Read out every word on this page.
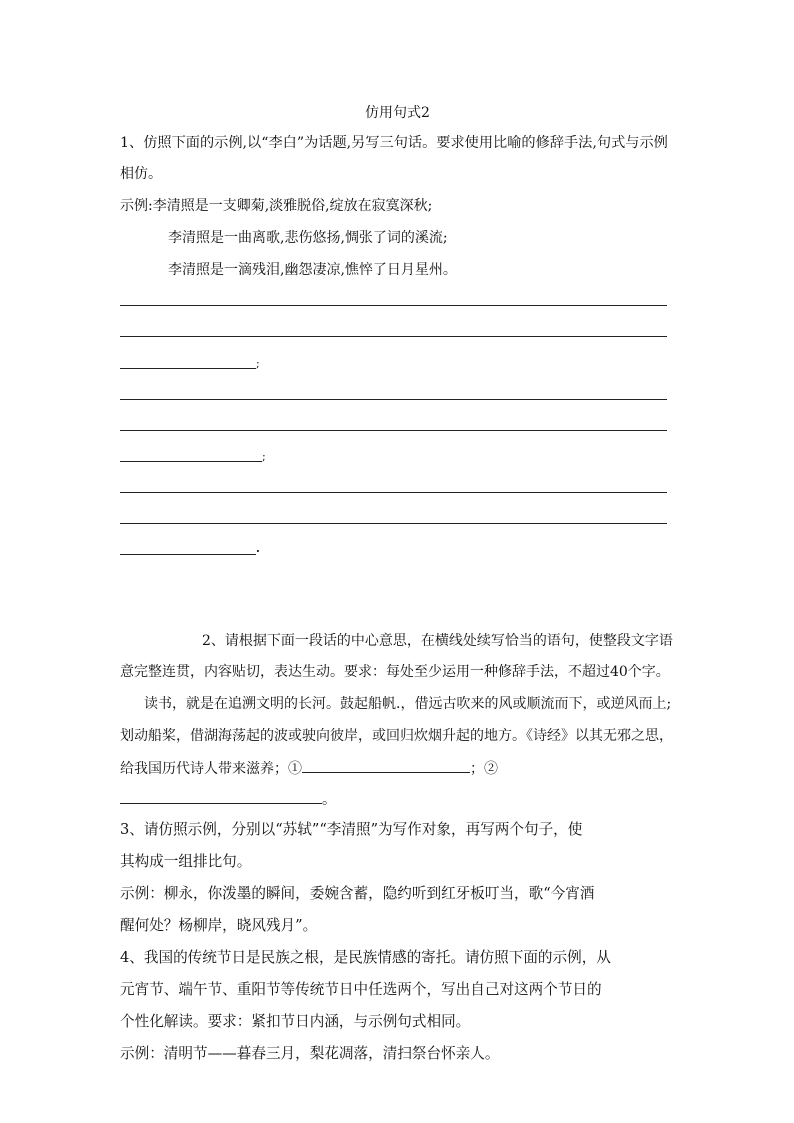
仿用句式2
1、仿照下面的示例,以“李白”为话题,另写三句话。要求使用比喻的修辞手法,句式与示例
相仿。
示例:李清照是一支卿菊,淡雅脱俗,绽放在寂寞深秋;
李清照是一曲离歌,悲伤悠扬,惆张了词的溪流;
李清照是一滴残泪,幽怨凄凉,憔悴了日月星州。
;
;
.
2、请根据下面一段话的中心意思，在横线处续写恰当的语句，使整段文字语
意完整连贯，内容贴切，表达生动。要求：每处至少运用一种修辞手法，不超过40个字。
读书，就是在追溯文明的长河。鼓起船帆.，借远古吹来的风或顺流而下，或逆风而上;
划动船桨，借湖海荡起的波或驶向彼岸，或回归炊烟升起的地方。《诗经》以其无邪之思，
给我国历代诗人带来滋养；①	；②
。
3、请仿照示例，分别以“苏轼”“李清照”为写作对象，再写两个句子，使
其构成一组排比句。
示例：柳永，你泼墨的瞬间，委婉含蓄，隐约听到红牙板叮当，歌“今宵酒
醒何处？杨柳岸，晓风残月”。
4、我国的传统节日是民族之根，是民族情感的寄托。请仿照下面的示例，从
元宵节、端午节、重阳节等传统节日中任选两个，写出自己对这两个节日的
个性化解读。要求：紧扣节日内涵，与示例句式相同。
示例：清明节——暮春三月，梨花凋落，清扫祭台怀亲人。
